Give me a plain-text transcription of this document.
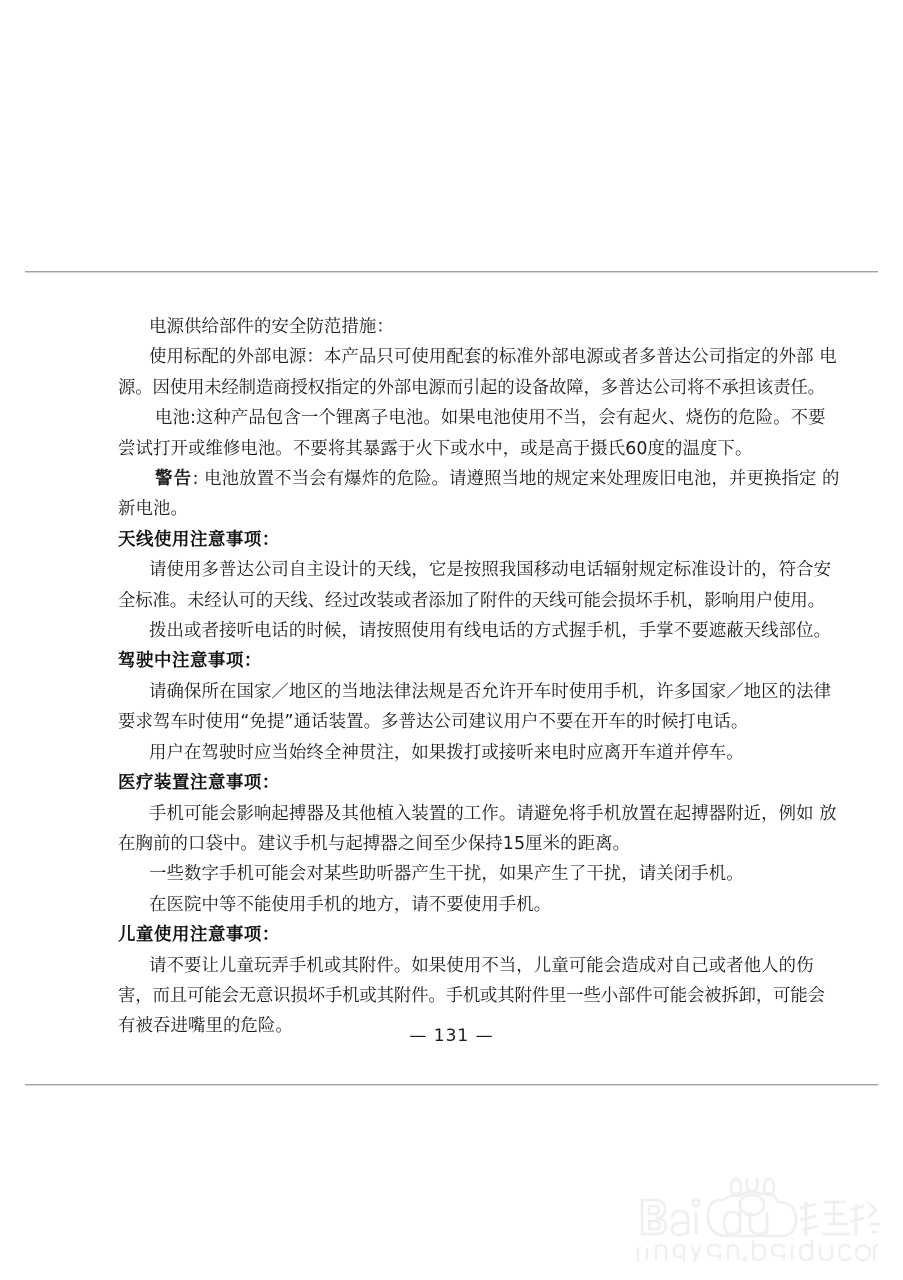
电源供给部件的安全防范措施：
使用标配的外部电源：本产品只可使用配套的标准外部电源或者多普达公司指定的外部 电
源。因使用未经制造商授权指定的外部电源而引起的设备故障，多普达公司将不承担该责任。
电池:这种产品包含一个锂离子电池。如果电池使用不当，会有起火、烧伤的危险。不要
尝试打开或维修电池。不要将其暴露于火下或水中，或是高于摄氏60度的温度下。
警告: 电池放置不当会有爆炸的危险。请遵照当地的规定来处理废旧电池，并更换指定 的
新电池。
天线使用注意事项：
请使用多普达公司自主设计的天线，它是按照我国移动电话辐射规定标准设计的，符合安
全标准。未经认可的天线、经过改装或者添加了附件的天线可能会损坏手机，影响用户使用。
拨出或者接听电话的时候，请按照使用有线电话的方式握手机，手掌不要遮蔽天线部位。
驾驶中注意事项：
请确保所在国家／地区的当地法律法规是否允许开车时使用手机，许多国家／地区的法律
要求驾车时使用“免提”通话装置。多普达公司建议用户不要在开车的时候打电话。
用户在驾驶时应当始终全神贯注，如果拨打或接听来电时应离开车道并停车。
医疗装置注意事项：
手机可能会影响起搏器及其他植入装置的工作。请避免将手机放置在起搏器附近，例如 放
在胸前的口袋中。建议手机与起搏器之间至少保持15厘米的距离。
一些数字手机可能会对某些助听器产生干扰，如果产生了干扰，请关闭手机。
在医院中等不能使用手机的地方，请不要使用手机。
儿童使用注意事项：
请不要让儿童玩弄手机或其附件。如果使用不当，儿童可能会造成对自己或者他人的伤
害，而且可能会无意识损坏手机或其附件。手机或其附件里一些小部件可能会被拆卸，可能会
有被吞进嘴里的危险。	— 131 —
